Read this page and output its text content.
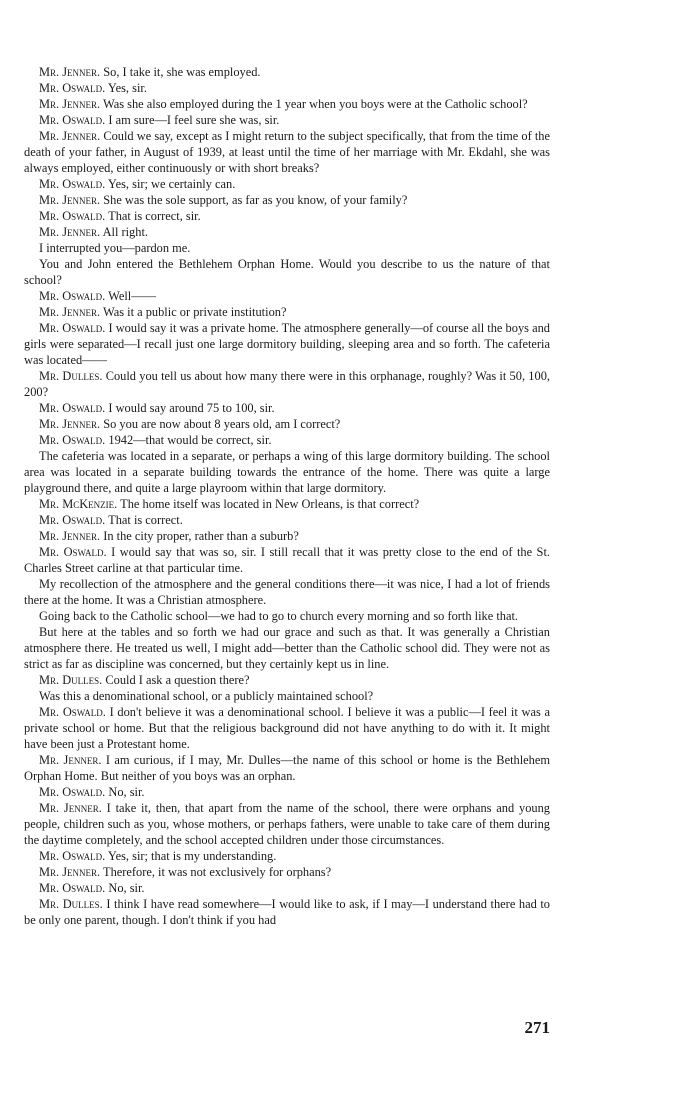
Mr. Jenner. So, I take it, she was employed.

Mr. Oswald. Yes, sir.

Mr. Jenner. Was she also employed during the 1 year when you boys were at the Catholic school?

Mr. Oswald. I am sure—I feel sure she was, sir.

Mr. Jenner. Could we say, except as I might return to the subject specifically, that from the time of the death of your father, in August of 1939, at least until the time of her marriage with Mr. Ekdahl, she was always employed, either continuously or with short breaks?

Mr. Oswald. Yes, sir; we certainly can.

Mr. Jenner. She was the sole support, as far as you know, of your family?

Mr. Oswald. That is correct, sir.

Mr. Jenner. All right.

I interrupted you—pardon me.

You and John entered the Bethlehem Orphan Home. Would you describe to us the nature of that school?

Mr. Oswald. Well——

Mr. Jenner. Was it a public or private institution?

Mr. Oswald. I would say it was a private home. The atmosphere generally—of course all the boys and girls were separated—I recall just one large dormitory building, sleeping area and so forth. The cafeteria was located——

Mr. Dulles. Could you tell us about how many there were in this orphanage, roughly? Was it 50, 100, 200?

Mr. Oswald. I would say around 75 to 100, sir.

Mr. Jenner. So you are now about 8 years old, am I correct?

Mr. Oswald. 1942—that would be correct, sir.

The cafeteria was located in a separate, or perhaps a wing of this large dormitory building. The school area was located in a separate building towards the entrance of the home. There was quite a large playground there, and quite a large playroom within that large dormitory.

Mr. McKenzie. The home itself was located in New Orleans, is that correct?

Mr. Oswald. That is correct.

Mr. Jenner. In the city proper, rather than a suburb?

Mr. Oswald. I would say that was so, sir. I still recall that it was pretty close to the end of the St. Charles Street carline at that particular time.

My recollection of the atmosphere and the general conditions there—it was nice, I had a lot of friends there at the home. It was a Christian atmosphere.

Going back to the Catholic school—we had to go to church every morning and so forth like that.

But here at the tables and so forth we had our grace and such as that. It was generally a Christian atmosphere there. He treated us well, I might add—better than the Catholic school did. They were not as strict as far as discipline was concerned, but they certainly kept us in line.

Mr. Dulles. Could I ask a question there?

Was this a denominational school, or a publicly maintained school?

Mr. Oswald. I don't believe it was a denominational school. I believe it was a public—I feel it was a private school or home. But that the religious background did not have anything to do with it. It might have been just a Protestant home.

Mr. Jenner. I am curious, if I may, Mr. Dulles—the name of this school or home is the Bethlehem Orphan Home. But neither of you boys was an orphan.

Mr. Oswald. No, sir.

Mr. Jenner. I take it, then, that apart from the name of the school, there were orphans and young people, children such as you, whose mothers, or perhaps fathers, were unable to take care of them during the daytime completely, and the school accepted children under those circumstances.

Mr. Oswald. Yes, sir; that is my understanding.

Mr. Jenner. Therefore, it was not exclusively for orphans?

Mr. Oswald. No, sir.

Mr. Dulles. I think I have read somewhere—I would like to ask, if I may—I understand there had to be only one parent, though. I don't think if you had

271
